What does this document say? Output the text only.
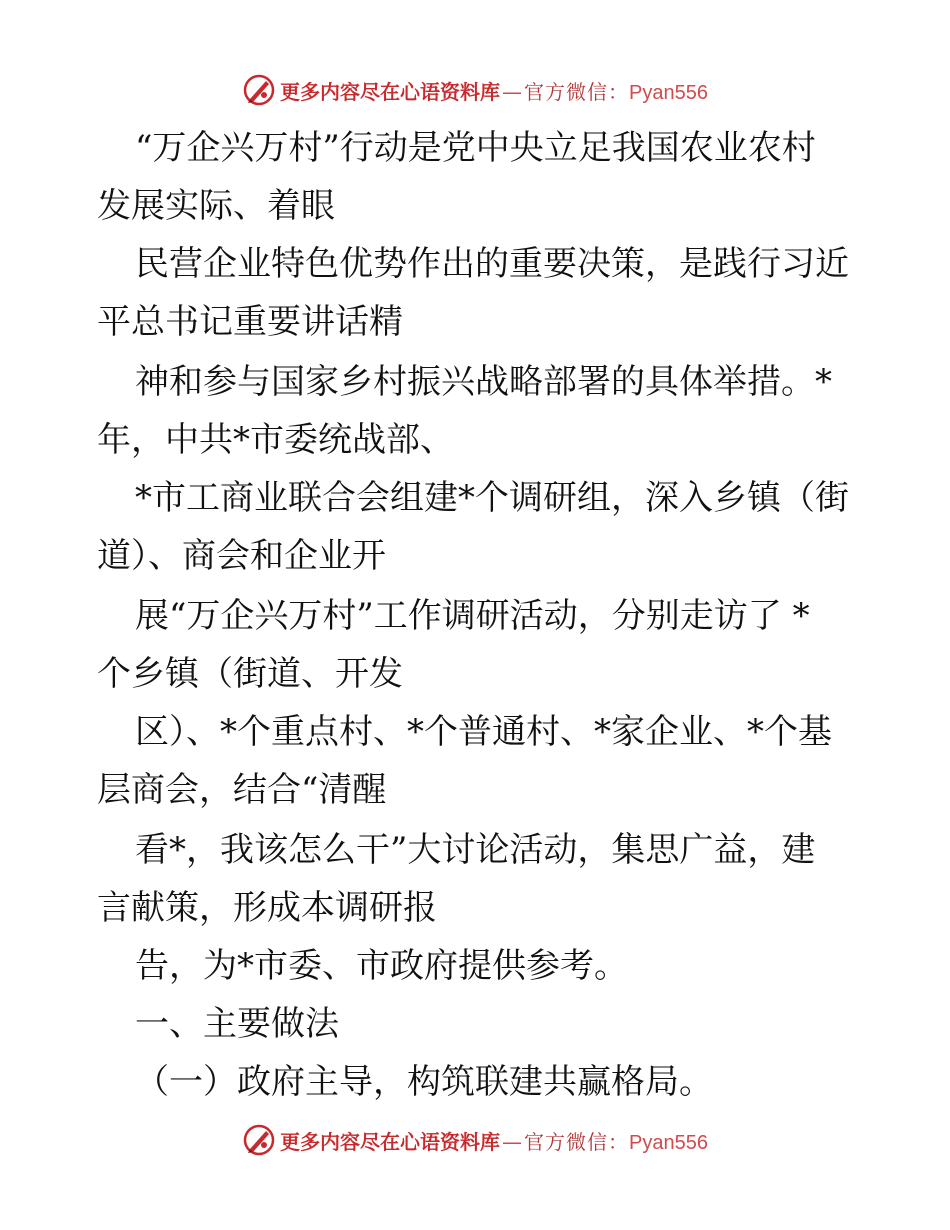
更多内容尽在心语资料库 — 官方微信： Pyan556
“万企兴万村”行动是党中央立足我国农业农村
发展实际、着眼
民营企业特色优势作出的重要决策，是践行习近
平总书记重要讲话精
神和参与国家乡村振兴战略部署的具体举措。*
年，中共*市委统战部、
*市工商业联合会组建*个调研组，深入乡镇（街
道）、商会和企业开
展“万企兴万村”工作调研活动，分别走访了 *
个乡镇（街道、开发
区）、*个重点村、*个普通村、*家企业、*个基
层商会，结合“清醒
看*，我该怎么干”大讨论活动，集思广益，建
言献策，形成本调研报
告，为*市委、市政府提供参考。
一、主要做法
（一）政府主导，构筑联建共赢格局。
更多内容尽在心语资料库 — 官方微信： Pyan556
